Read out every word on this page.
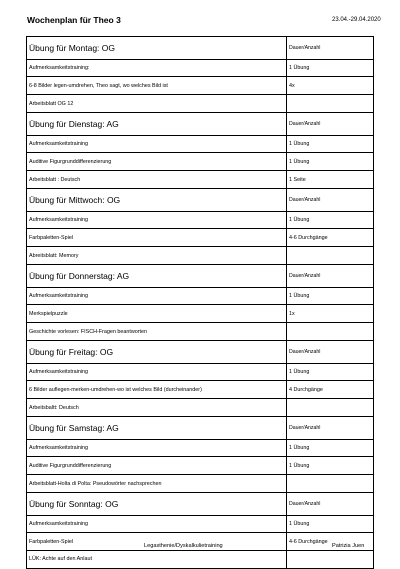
Wochenplan für Theo 3	23.04.-29.04.2020
Übung für Montag: OG	Dauer/Anzahl
Aufmerksamkeitstraining:	1 Übung
6-8 Bilder legen-umdrehen, Theo sagt, wo welches Bild ist	4x
Arbeitsblatt OG 12	
Übung für Dienstag: AG	Dauer/Anzahl
Aufmerksamkeitstraining	1 Übung
Auditive Figurgrunddifferenzierung	1 Übung
Arbeitsblatt : Deutsch	1 Seite
Übung für Mittwoch: OG	Dauer/Anzahl
Aufmerksamkeitstraining	1 Übung
Farbpaletten-Spiel	4-6 Durchgänge
Abreitsblatt: Memory	
Übung für Donnerstag: AG	Dauer/Anzahl
Aufmerksamkeitstraining	1 Übung
Merkspielpuzzle	1x
Geschichte vorlesen: FISCH-Fragen beantworten	
Übung für Freitag: OG	Dauer/Anzahl
Aufmerksamkeitstraining	1 Übung
6 Bilder auflegen-merken-umdrehen-wo ist welches Bild (durcheinander)	4 Durchgänge
Arbeitsbaltt: Deutsch	
Übung für Samstag: AG	Dauer/Anzahl
Aufmerksamkeitstraining	1 Übung
Auditive Figurgrunddifferenzierung	1 Übung
Arbeitsblatt-Holta di Polta: Pseudowörter nachsprechen	
Übung für Sonntag: OG	Dauer/Anzahl
Aufmerksamkeitstraining	1 Übung
Farbpaletten-Spiel	4-6 Durchgänge
LÜK: Achte auf den Anlaut	
Legasthenie/Dyskalkulietraining	Patrizia Juen
